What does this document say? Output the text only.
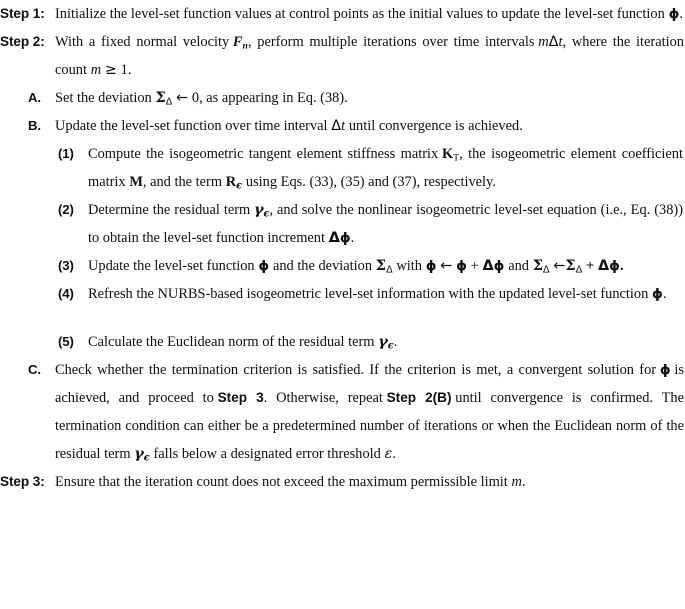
Step 1: Initialize the level-set function values at control points as the initial values to update the level-set function ϕ.
Step 2: With a fixed normal velocity $F_n$, perform multiple iterations over time intervals mΔt, where the iteration count m ≥ 1.
A. Set the deviation $\Sigma_\Delta$ ← 0, as appearing in Eq. (38).
B. Update the level-set function over time interval Δt until convergence is achieved.
(1) Compute the isogeometric tangent element stiffness matrix $K_T$, the isogeometric element coefficient matrix M, and the term $R_\epsilon$ using Eqs. (33), (35) and (37), respectively.
(2) Determine the residual term $\gamma_\epsilon$, and solve the nonlinear isogeometric level-set equation (i.e., Eq. (38)) to obtain the level-set function increment Δϕ.
(3) Update the level-set function ϕ and the deviation $\Sigma_\Delta$ with ϕ ← ϕ + Δϕ and $\Sigma_\Delta$ $\leftarrow\Sigma_\Delta + \Delta\phi$.
(4) Refresh the NURBS-based isogeometric level-set information with the updated level-set function ϕ.
(5) Calculate the Euclidean norm of the residual term $\gamma_\epsilon$.
C. Check whether the termination criterion is satisfied. If the criterion is met, a convergent solution for ϕ is achieved, and proceed to Step 3. Otherwise, repeat Step 2(B) until convergence is confirmed. The termination condition can either be a predetermined number of iterations or when the Euclidean norm of the residual term $\gamma_\epsilon$ falls below a designated error threshold ε.
Step 3: Ensure that the iteration count does not exceed the maximum permissible limit m.
